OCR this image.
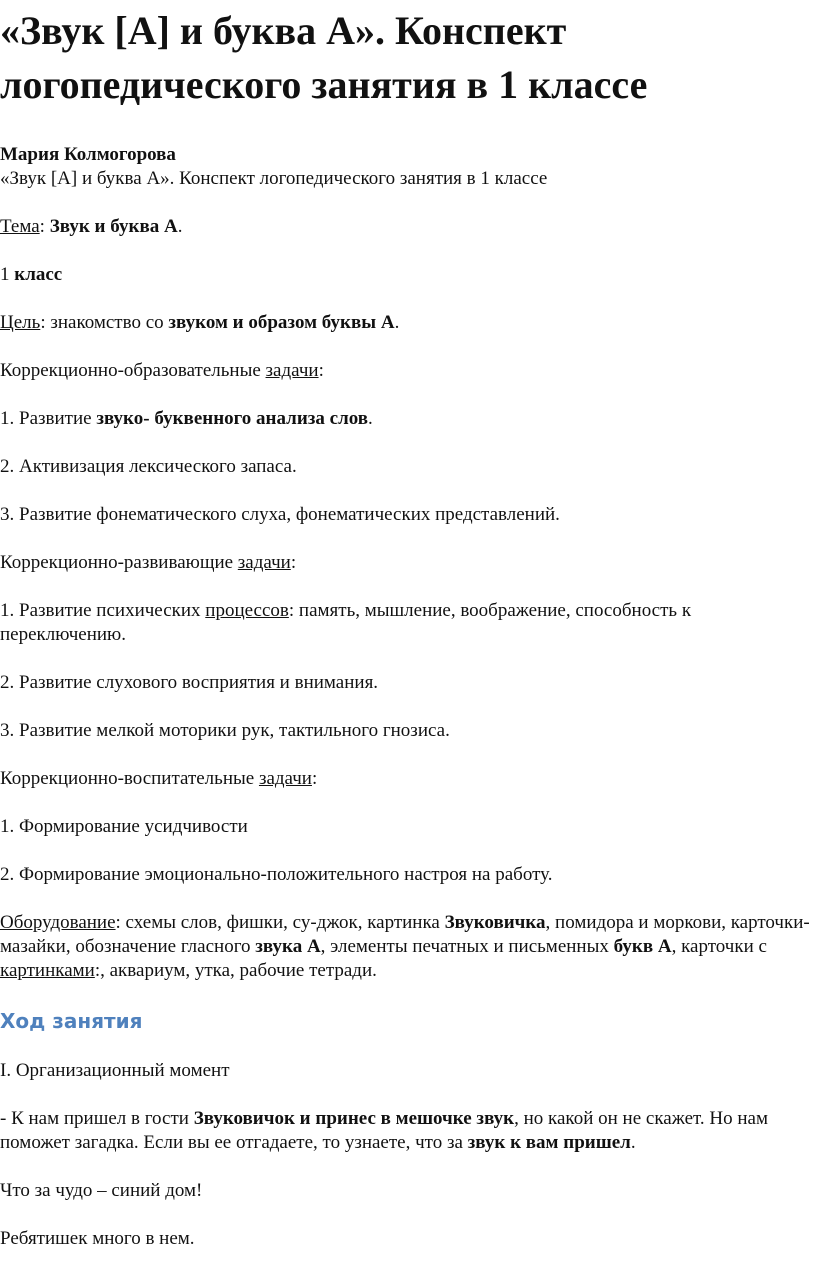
«Звук [А] и буква А». Конспект
логопедического занятия в 1 классе

Мария Колмогорова

«Звук [А] и буква А». Конспект логопедического занятия в 1 классе

Тема: Звук и буква А.

1 класс

Цель: знакомство со звуком и образом буквы А.

Коррекционно-образовательные задачи:

1. Развитие звуко- буквенного анализа слов.

2. Активизация лексического запаса.

3. Развитие фонематического слуха, фонематических представлений.

Коррекционно-развивающие задачи:

1. Развитие психических процессов: память, мышление, воображение, способность к переключению.

2. Развитие слухового восприятия и внимания.

3. Развитие мелкой моторики рук, тактильного гнозиса.

Коррекционно-воспитательные задачи:

1. Формирование усидчивости

2. Формирование эмоционально-положительного настроя на работу.

Оборудование: схемы слов, фишки, су-джок, картинка Звуковичка, помидора и моркови, карточки-мазайки, обозначение гласного звука А, элементы печатных и письменных букв А, карточки с картинками:, аквариум, утка, рабочие тетради.

Ход занятия

I. Организационный момент

- К нам пришел в гости Звуковичок и принес в мешочке звук, но какой он не скажет. Но нам поможет загадка. Если вы ее отгадаете, то узнаете, что за звук к вам пришел.

Что за чудо – синий дом!

Ребятишек много в нем.
